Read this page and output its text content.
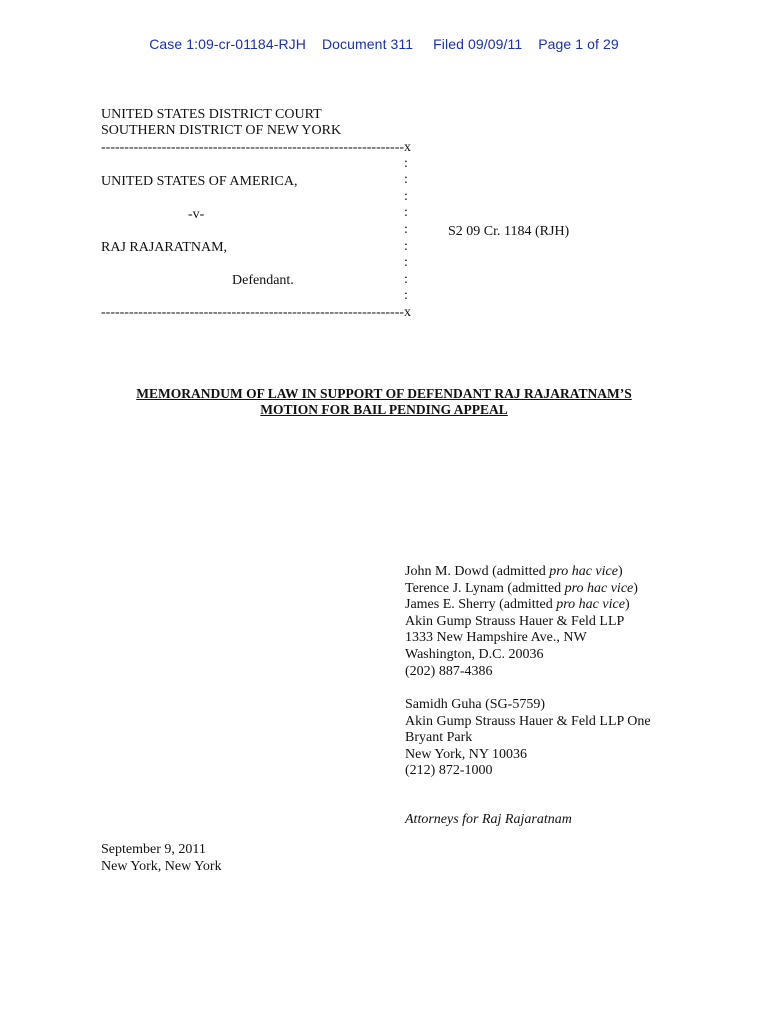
Case 1:09-cr-01184-RJH Document 311 Filed 09/09/11 Page 1 of 29
UNITED STATES DISTRICT COURT
SOUTHERN DISTRICT OF NEW YORK
-----------------------------------------------------------------x
:
:
:
:
:
:
:
:
:
UNITED STATES OF AMERICA,
-v-
RAJ RAJARATNAM,
Defendant.
S2 09 Cr. 1184 (RJH)
-----------------------------------------------------------------x
MEMORANDUM OF LAW IN SUPPORT OF DEFENDANT RAJ RAJARATNAM’S
MOTION FOR BAIL PENDING APPEAL
John M. Dowd (admitted pro hac vice)
Terence J. Lynam (admitted pro hac vice)
James E. Sherry (admitted pro hac vice)
Akin Gump Strauss Hauer & Feld LLP
1333 New Hampshire Ave., NW
Washington, D.C. 20036
(202) 887-4386
Samidh Guha (SG-5759)
Akin Gump Strauss Hauer & Feld LLP One
Bryant Park
New York, NY 10036
(212) 872-1000
Attorneys for Raj Rajaratnam
September 9, 2011
New York, New York
